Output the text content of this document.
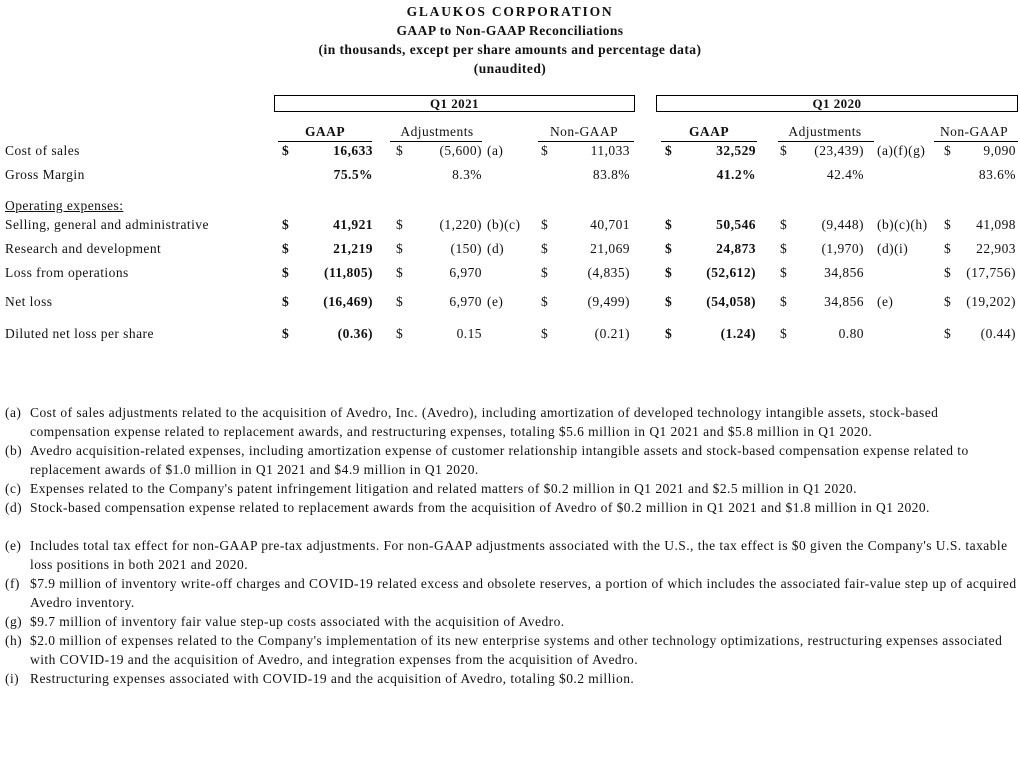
GLAUKOS CORPORATION
GAAP to Non-GAAP Reconciliations
(in thousands, except per share amounts and percentage data)
(unaudited)
Q1 2021	Q1 2020
GAAP	Adjustments	Non-GAAP	GAAP	Adjustments	Non-GAAP
Operating expenses:
Cost of sales	$	16,633 $	(5,600) (a)	$	11,033	$	32,529 $	(23,439) (a)(f)(g)	$	9,090
Gross Margin	75.5%	8.3%	83.8%	41.2%	42.4%	83.6%
Selling, general and administrative	$	41,921 $	(1,220) (b)(c)	$	40,701	$	50,546 $	(9,448) (b)(c)(h)	$	41,098
Research and development	$	21,219 $	(150) (d)	$	21,069	$	24,873 $	(1,970) (d)(i)	$	22,903
Loss from operations	$	(11,805) $	6,970	$	(4,835)	$	(52,612) $	34,856	$	(17,756)
Net loss	$	(16,469) $	6,970 (e)	$	(9,499)	$	(54,058) $	34,856 (e)	$	(19,202)
Diluted net loss per share	$	(0.36) $	0.15	$	(0.21)	$	(1.24) $	0.80	$	(0.44)
(a) Cost of sales adjustments related to the acquisition of Avedro, Inc. (Avedro), including amortization of developed technology intangible assets, stock-based compensation expense related to replacement awards, and restructuring expenses, totaling $5.6 million in Q1 2021 and $5.8 million in Q1 2020.
(b) Avedro acquisition-related expenses, including amortization expense of customer relationship intangible assets and stock-based compensation expense related to replacement awards of $1.0 million in Q1 2021 and $4.9 million in Q1 2020.
(c) Expenses related to the Company's patent infringement litigation and related matters of $0.2 million in Q1 2021 and $2.5 million in Q1 2020.
(d) Stock-based compensation expense related to replacement awards from the acquisition of Avedro of $0.2 million in Q1 2021 and $1.8 million in Q1 2020.
(e) Includes total tax effect for non-GAAP pre-tax adjustments. For non-GAAP adjustments associated with the U.S., the tax effect is $0 given the Company's U.S. taxable loss positions in both 2021 and 2020.
(f) $7.9 million of inventory write-off charges and COVID-19 related excess and obsolete reserves, a portion of which includes the associated fair-value step up of acquired Avedro inventory.
(g) $9.7 million of inventory fair value step-up costs associated with the acquisition of Avedro.
(h) $2.0 million of expenses related to the Company's implementation of its new enterprise systems and other technology optimizations, restructuring expenses associated with COVID-19 and the acquisition of Avedro, and integration expenses from the acquisition of Avedro.
(i) Restructuring expenses associated with COVID-19 and the acquisition of Avedro, totaling $0.2 million.
